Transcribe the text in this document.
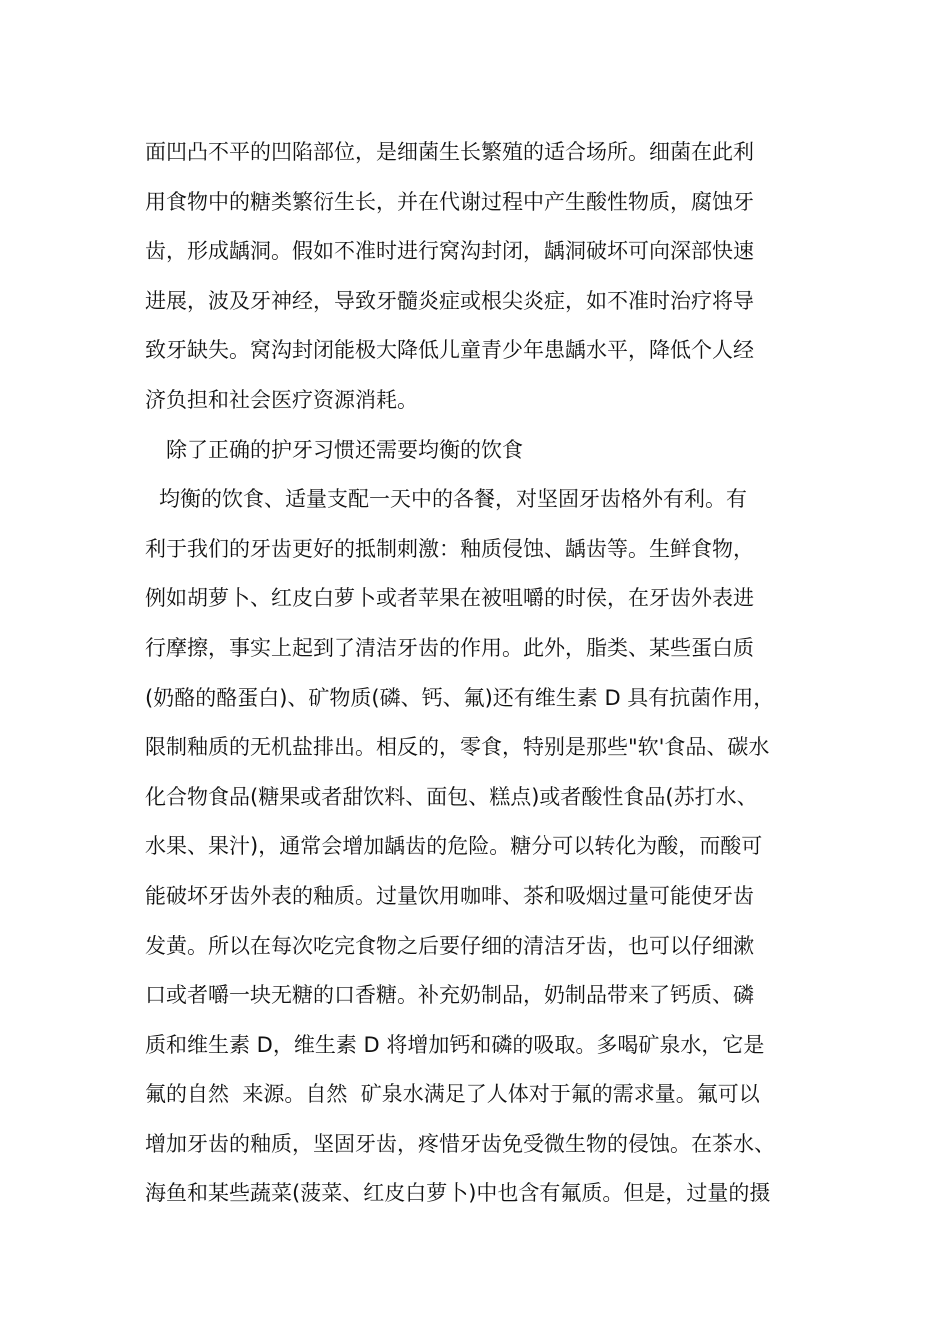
面凹凸不平的凹陷部位，是细菌生长繁殖的适合场所。细菌在此利
用食物中的糖类繁衍生长，并在代谢过程中产生酸性物质，腐蚀牙
齿，形成龋洞。假如不准时进行窝沟封闭，龋洞破坏可向深部快速
进展，波及牙神经，导致牙髓炎症或根尖炎症，如不准时治疗将导
致牙缺失。窝沟封闭能极大降低儿童青少年患龋水平，降低个人经
济负担和社会医疗资源消耗。
除了正确的护牙习惯还需要均衡的饮食
均衡的饮食、适量支配一天中的各餐，对坚固牙齿格外有利。有
利于我们的牙齿更好的抵制刺激：釉质侵蚀、龋齿等。生鲜食物，
例如胡萝卜、红皮白萝卜或者苹果在被咀嚼的时侯，在牙齿外表进
行摩擦，事实上起到了清洁牙齿的作用。此外，脂类、某些蛋白质
(奶酪的酪蛋白)、矿物质(磷、钙、氟)还有维生素 D 具有抗菌作用，
限制釉质的无机盐排出。相反的，零食，特别是那些"软'食品、碳水
化合物食品(糖果或者甜饮料、面包、糕点)或者酸性食品(苏打水、
水果、果汁)，通常会增加龋齿的危险。糖分可以转化为酸，而酸可
能破坏牙齿外表的釉质。过量饮用咖啡、茶和吸烟过量可能使牙齿
发黄。所以在每次吃完食物之后要仔细的清洁牙齿，也可以仔细漱
口或者嚼一块无糖的口香糖。补充奶制品，奶制品带来了钙质、磷
质和维生素 D，维生素 D 将增加钙和磷的吸取。多喝矿泉水，它是
氟的自然  来源。自然  矿泉水满足了人体对于氟的需求量。氟可以
增加牙齿的釉质，坚固牙齿，疼惜牙齿免受微生物的侵蚀。在茶水、
海鱼和某些蔬菜(菠菜、红皮白萝卜)中也含有氟质。但是，过量的摄
